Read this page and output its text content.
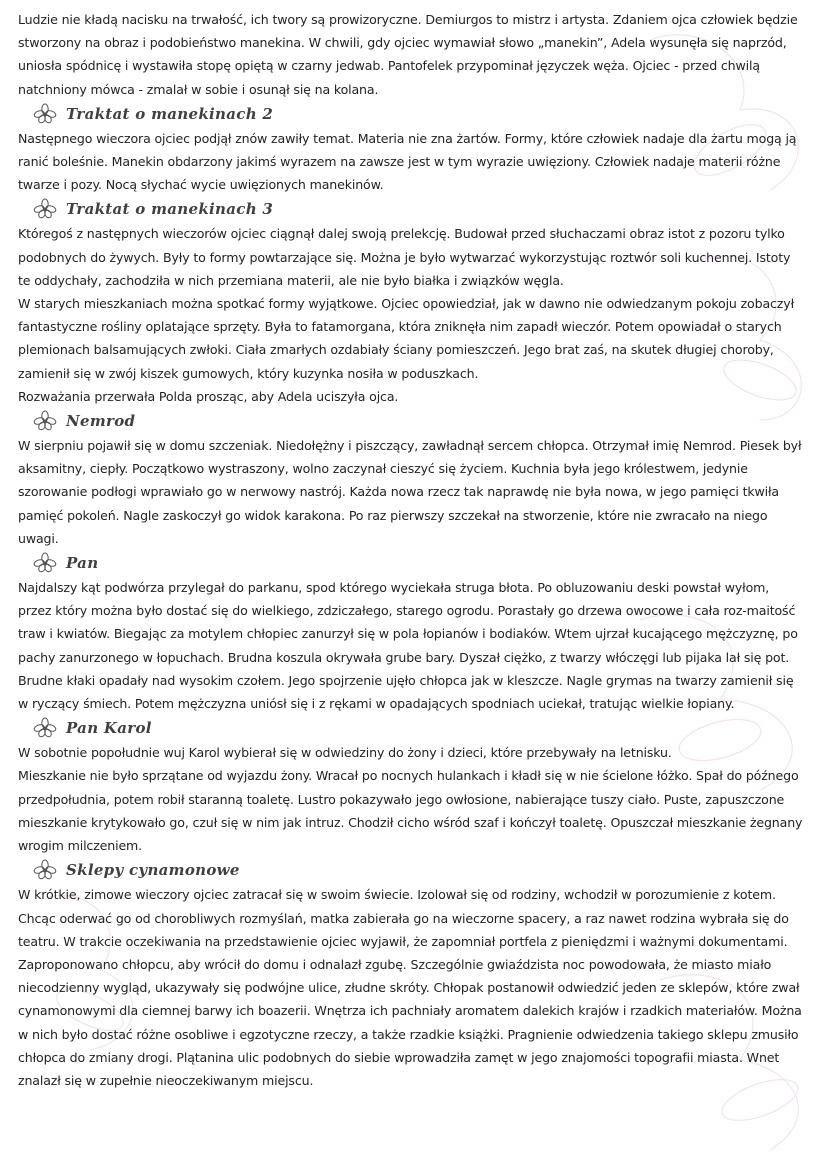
Ludzie nie kładą nacisku na trwałość, ich twory są prowizoryczne. Demiurgos to mistrz i artysta. Zdaniem ojca człowiek będzie stworzony na obraz i podobieństwo manekina. W chwili, gdy ojciec wymawiał słowo „manekin”, Adela wysunęła się naprzód, uniosła spódnicę i wystawiła stopę opiętą w czarny jedwab. Pantofelek przypominał języczek węża. Ojciec - przed chwilą natchniony mówca - zmalał w sobie i osunął się na kolana.

Traktat o manekinach 2

Następnego wieczora ojciec podjął znów zawiły temat. Materia nie zna żartów. Formy, które człowiek nadaje dla żartu mogą ją ranić boleśnie. Manekin obdarzony jakimś wyrazem na zawsze jest w tym wyrazie uwięziony. Człowiek nadaje materii różne twarze i pozy. Nocą słychać wycie uwięzionych manekinów.

Traktat o manekinach 3

Któregoś z następnych wieczorów ojciec ciągnął dalej swoją prelekcję. Budował przed słuchaczami obraz istot z pozoru tylko podobnych do żywych. Były to formy powtarzające się. Można je było wytwarzać wykorzystując roztwór soli kuchennej. Istoty te oddychały, zachodziła w nich przemiana materii, ale nie było białka i związków węgla.

W starych mieszkaniach można spotkać formy wyjątkowe. Ojciec opowiedział, jak w dawno nie odwiedzanym pokoju zobaczył fantastyczne rośliny oplatające sprzęty. Była to fatamorgana, która zniknęła nim zapadł wieczór. Potem opowiadał o starych plemionach balsamujących zwłoki. Ciała zmarłych ozdabiały ściany pomieszczeń. Jego brat zaś, na skutek długiej choroby, zamienił się w zwój kiszek gumowych, który kuzynka nosiła w poduszkach.

Rozważania przerwała Polda prosząc, aby Adela uciszyła ojca.

Nemrod

W sierpniu pojawił się w domu szczeniak. Niedołężny i piszczący, zawładnął sercem chłopca. Otrzymał imię Nemrod. Piesek był aksamitny, ciepły. Początkowo wystraszony, wolno zaczynał cieszyć się życiem. Kuchnia była jego królestwem, jedynie szorowanie podłogi wprawiało go w nerwowy nastrój. Każda nowa rzecz tak naprawdę nie była nowa, w jego pamięci tkwiła pamięć pokoleń. Nagle zaskoczył go widok karakona. Po raz pierwszy szczekał na stworzenie, które nie zwracało na niego uwagi.

Pan

Najdalszy kąt podwórza przylegał do parkanu, spod którego wyciekała struga błota. Po obluzowaniu deski powstał wyłom, przez który można było dostać się do wielkiego, zdziczałego, starego ogrodu. Porastały go drzewa owocowe i cała roz-maitość traw i kwiatów. Biegając za motylem chłopiec zanurzył się w pola łopianów i bodiaków. Wtem ujrzał kucającego mężczyznę, po pachy zanurzonego w łopuchach. Brudna koszula okrywała grube bary. Dyszał ciężko, z twarzy włóczęgi lub pijaka lał się pot. Brudne kłaki opadały nad wysokim czołem. Jego spojrzenie ujęło chłopca jak w kleszcze. Nagle grymas na twarzy zamienił się w ryczący śmiech. Potem mężczyzna uniósł się i z rękami w opadających spodniach uciekał, tratując wielkie łopiany.

Pan Karol

W sobotnie popołudnie wuj Karol wybierał się w odwiedziny do żony i dzieci, które przebywały na letnisku.

Mieszkanie nie było sprzątane od wyjazdu żony. Wracał po nocnych hulankach i kładł się w nie ścielone łóżko. Spał do późnego przedpołudnia, potem robił staranną toaletę. Lustro pokazywało jego owłosione, nabierające tuszy ciało. Puste, zapuszczone mieszkanie krytykowało go, czuł się w nim jak intruz. Chodził cicho wśród szaf i kończył toaletę. Opuszczał mieszkanie żegnany wrogim milczeniem.

Sklepy cynamonowe

W krótkie, zimowe wieczory ojciec zatracał się w swoim świecie. Izolował się od rodziny, wchodził w porozumienie z kotem. Chcąc oderwać go od chorobliwych rozmyślań, matka zabierała go na wieczorne spacery, a raz nawet rodzina wybrała się do teatru. W trakcie oczekiwania na przedstawienie ojciec wyjawił, że zapomniał portfela z pieniędzmi i ważnymi dokumentami. Zaproponowano chłopcu, aby wrócił do domu i odnalazł zgubę. Szczególnie gwiaździsta noc powodowała, że miasto miało niecodzienny wygląd, ukazywały się podwójne ulice, złudne skróty. Chłopak postanowił odwiedzić jeden ze sklepów, które zwał cynamonowymi dla ciemnej barwy ich boazerii. Wnętrza ich pachniały aromatem dalekich krajów i rzadkich materiałów. Można w nich było dostać różne osobliwe i egzotyczne rzeczy, a także rzadkie książki. Pragnienie odwiedzenia takiego sklepu zmusiło chłopca do zmiany drogi. Plątanina ulic podobnych do siebie wprowadziła zamęt w jego znajomości topografii miasta. Wnet znalazł się w zupełnie nieoczekiwanym miejscu.
